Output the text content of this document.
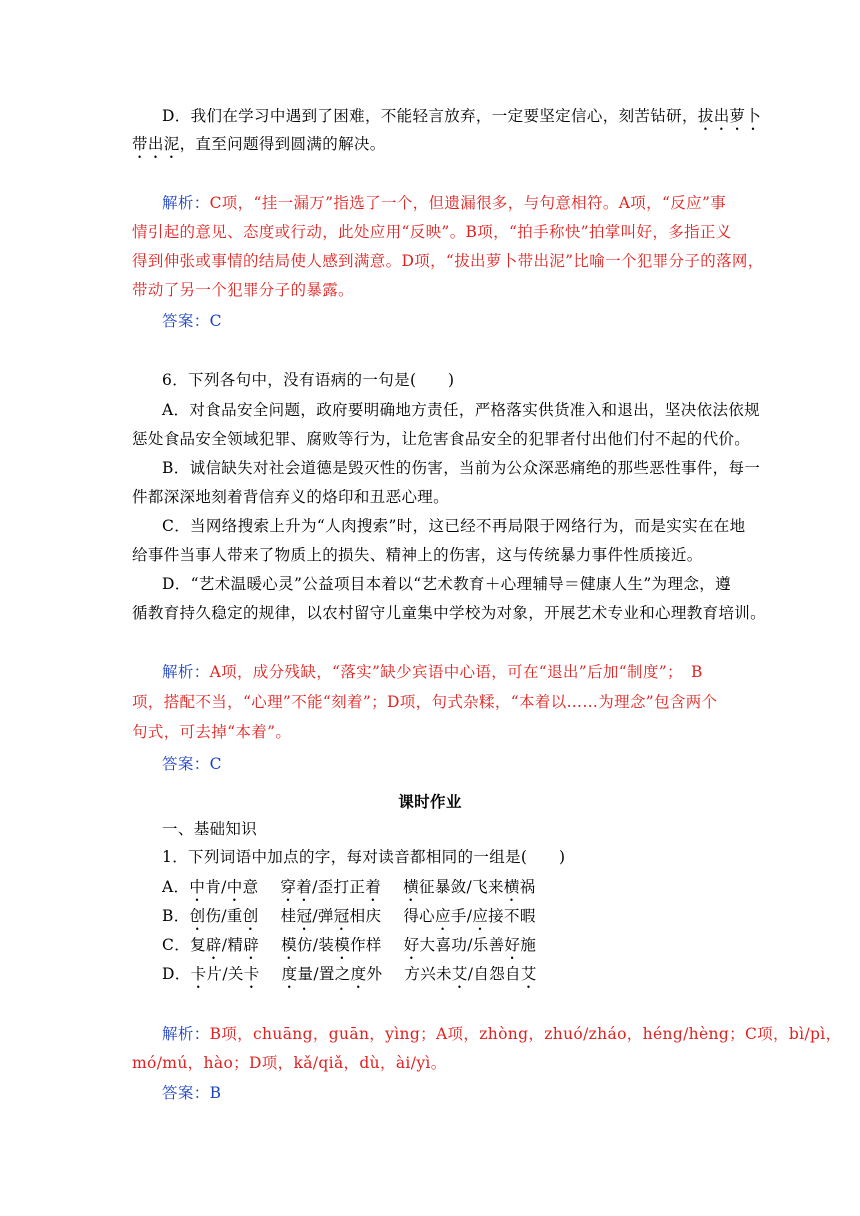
D．我们在学习中遇到了困难，不能轻言放弃，一定要坚定信心，刻苦钻研，拔出萝卜
带出泥，直至问题得到圆满的解决。
解析：C项，“挂一漏万”指选了一个，但遗漏很多，与句意相符。A项，“反应”事
情引起的意见、态度或行动，此处应用“反映”。B项，“拍手称快”拍掌叫好，多指正义
得到伸张或事情的结局使人感到满意。D项，“拔出萝卜带出泥”比喻一个犯罪分子的落网，
带动了另一个犯罪分子的暴露。
答案：C
6．下列各句中，没有语病的一句是(　　)
A．对食品安全问题，政府要明确地方责任，严格落实供货准入和退出，坚决依法依规
惩处食品安全领域犯罪、腐败等行为，让危害食品安全的犯罪者付出他们付不起的代价。
B．诚信缺失对社会道德是毁灭性的伤害，当前为公众深恶痛绝的那些恶性事件，每一
件都深深地刻着背信弃义的烙印和丑恶心理。
C．当网络搜索上升为“人肉搜索”时，这已经不再局限于网络行为，而是实实在在地
给事件当事人带来了物质上的损失、精神上的伤害，这与传统暴力事件性质接近。
D．“艺术温暖心灵”公益项目本着以“艺术教育＋心理辅导＝健康人生”为理念，遵
循教育持久稳定的规律，以农村留守儿童集中学校为对象，开展艺术专业和心理教育培训。
解析：A项，成分残缺，“落实”缺少宾语中心语，可在“退出”后加“制度”；　B
项，搭配不当，“心理”不能“刻着”；D项，句式杂糅，“本着以……为理念”包含两个
句式，可去掉“本着”。
答案：C
课时作业
一、基础知识
1．下列词语中加点的字，每对读音都相同的一组是(　　)
A．中肯/中意 穿着/歪打正着 横征暴敛/飞来横祸
B．创伤/重创 桂冠/弹冠相庆 得心应手/应接不暇
C．复辟/精辟 模仿/装模作样 好大喜功/乐善好施
D．卡片/关卡 度量/置之度外 方兴未艾/自怨自艾
解析：B项，chuāng，guān，yìng；A项，zhòng，zhuó/zháo，héng/hèng；C项，bì/pì，
mó/mú，hào；D项，kǎ/qiǎ，dù，ài/yì。
答案：B
